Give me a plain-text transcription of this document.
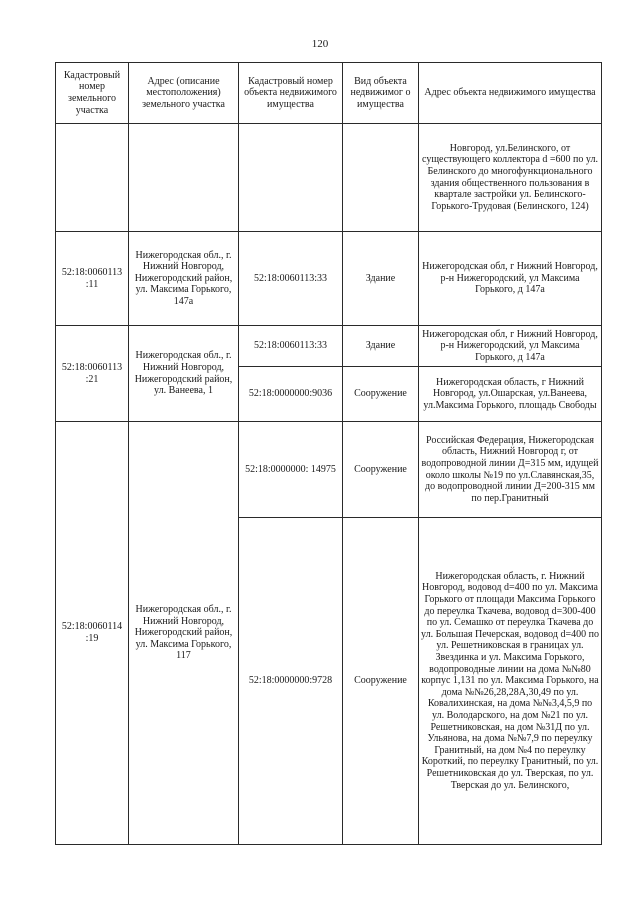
120
Кадастровый номер земельного участка	Адрес (описание местоположения) земельного участка	Кадастровый номер объекта недвижимого имущества	Вид объекта недвижимог о имущества	Адрес объекта недвижимого имущества
				Новгород, ул.Белинского, от существующего коллектора d =600 по ул. Белинского до многофункционального здания общественного пользования в квартале застройки ул. Белинского-Горького-Трудовая (Белинского, 124)
52:18:0060113 :11	Нижегородская обл., г. Нижний Новгород, Нижегородский район, ул. Максима Горького, 147а	52:18:0060113:33	Здание	Нижегородская обл, г Нижний Новгород, р-н Нижегородский, ул Максима Горького, д 147а
52:18:0060113 :21	Нижегородская обл., г. Нижний Новгород, Нижегородский район, ул. Ванеева, 1	52:18:0060113:33	Здание	Нижегородская обл, г Нижний Новгород, р-н Нижегородский, ул Максима Горького, д 147а
		52:18:0000000:9036	Сооружение	Нижегородская область, г Нижний Новгород, ул.Ошарская, ул.Ванеева, ул.Максима Горького, площадь Свободы
52:18:0060114 :19	Нижегородская обл., г. Нижний Новгород, Нижегородский район, ул. Максима Горького, 117	52:18:0000000: 14975	Сооружение	Российская Федерация, Нижегородская область, Нижний Новгород г, от водопроводной линии Д=315 мм, идущей около школы №19 по ул.Славянская,35, до водопроводной линии Д=200-315 мм по пер.Гранитный
		52:18:0000000:9728	Сооружение	Нижегородская область, г. Нижний Новгород, водовод d=400 по ул. Максима Горького от площади Максима Горького до переулка Ткачева, водовод d=300-400 по ул. Семашко от переулка Ткачева до ул. Большая Печерская, водовод d=400 по ул. Решетниковская в границах ул. Звездинка и ул. Максима Горького, водопроводные линии на дома №№80 корпус 1,131 по ул. Максима Горького, на дома №№26,28,28А,30,49 по ул. Ковалихинская, на дома №№3,4,5,9 по ул. Володарского, на дом №21 по ул. Решетниковская, на дом №31Д по ул. Ульянова, на дома №№7,9 по переулку Гранитный, на дом №4 по переулку Короткий, по переулку Гранитный, по ул. Решетниковская до ул. Тверская, по ул. Тверская до ул. Белинского,
